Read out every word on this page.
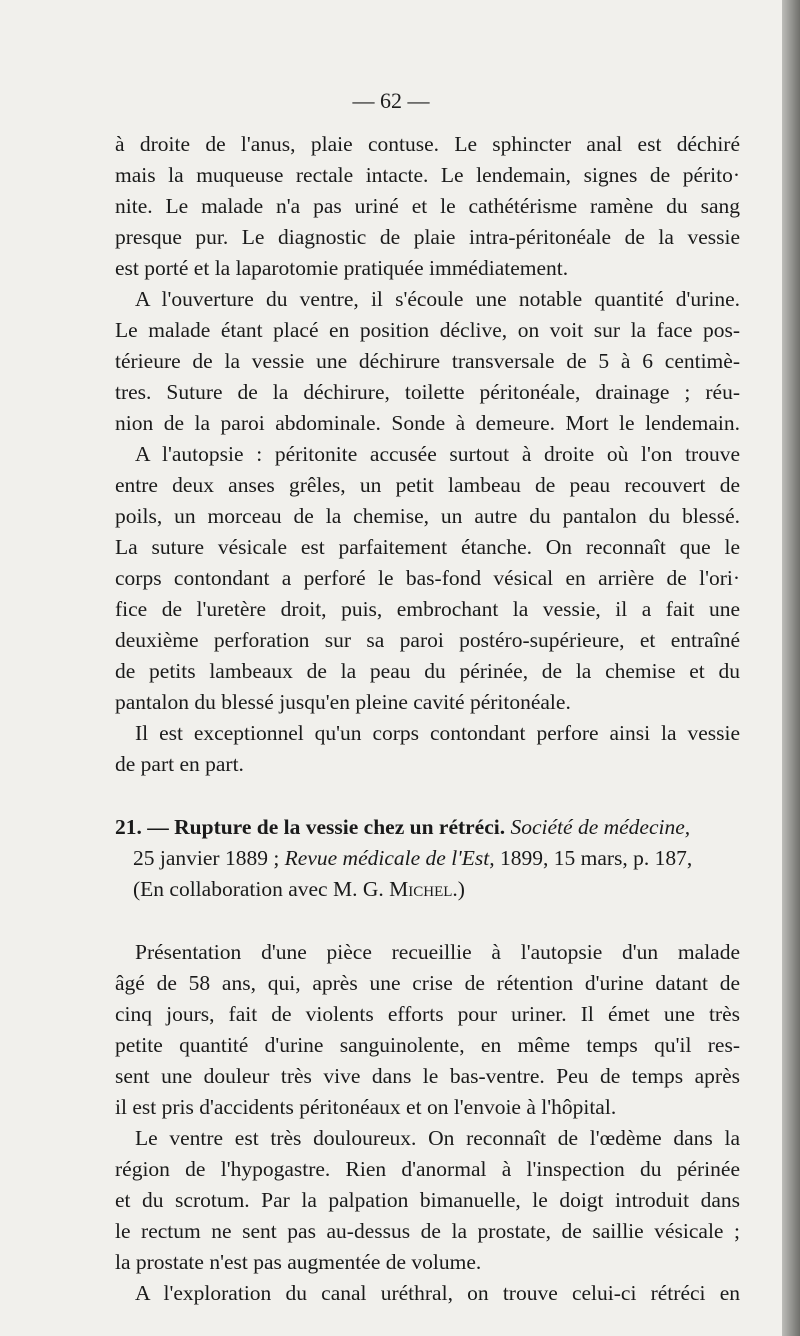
— 62 —
à droite de l'anus, plaie contuse. Le sphincter anal est déchiré
mais la muqueuse rectale intacte. Le lendemain, signes de périto·
nite. Le malade n'a pas uriné et le cathétérisme ramène du sang
presque pur. Le diagnostic de plaie intra-péritonéale de la vessie
est porté et la laparotomie pratiquée immédiatement.
A l'ouverture du ventre, il s'écoule une notable quantité d'urine.
Le malade étant placé en position déclive, on voit sur la face pos-
térieure de la vessie une déchirure transversale de 5 à 6 centimè-
tres. Suture de la déchirure, toilette péritonéale, drainage ; réu-
nion de la paroi abdominale. Sonde à demeure. Mort le lendemain.
A l'autopsie : péritonite accusée surtout à droite où l'on trouve
entre deux anses grêles, un petit lambeau de peau recouvert de
poils, un morceau de la chemise, un autre du pantalon du blessé.
La suture vésicale est parfaitement étanche. On reconnaît que le
corps contondant a perforé le bas-fond vésical en arrière de l'ori·
fice de l'uretère droit, puis, embrochant la vessie, il a fait une
deuxième perforation sur sa paroi postéro-supérieure, et entraîné
de petits lambeaux de la peau du périnée, de la chemise et du
pantalon du blessé jusqu'en pleine cavité péritonéale.
Il est exceptionnel qu'un corps contondant perfore ainsi la vessie
de part en part.
21. — Rupture de la vessie chez un rétréci. Société de médecine,
25 janvier 1889 ; Revue médicale de l'Est, 1899, 15 mars, p. 187,
(En collaboration avec M. G. Michel.)
Présentation d'une pièce recueillie à l'autopsie d'un malade
âgé de 58 ans, qui, après une crise de rétention d'urine datant de
cinq jours, fait de violents efforts pour uriner. Il émet une très
petite quantité d'urine sanguinolente, en même temps qu'il res-
sent une douleur très vive dans le bas-ventre. Peu de temps après
il est pris d'accidents péritonéaux et on l'envoie à l'hôpital.
Le ventre est très douloureux. On reconnaît de l'œdème dans la
région de l'hypogastre. Rien d'anormal à l'inspection du périnée
et du scrotum. Par la palpation bimanuelle, le doigt introduit dans
le rectum ne sent pas au-dessus de la prostate, de saillie vésicale ;
la prostate n'est pas augmentée de volume.
A l'exploration du canal uréthral, on trouve celui-ci rétréci en
